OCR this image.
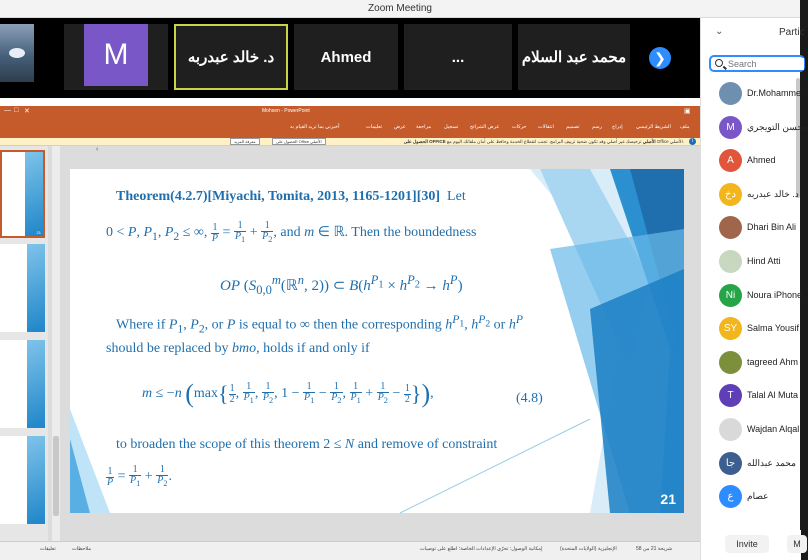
Zoom Meeting
M	د. خالد عبدربه	Ahmed	...	محمد عبد السلام	❯
Mohsen - PowerPoint
— □ ✕	▣
ملف
الشريط الرئيسي
إدراج
رسم
تصميم
انتقالات
حركات
عرض الشرائح
تسجيل
مراجعة
عرض
تعليمات
أخبرني بما تريد القيام به
i
الحصول على OFFICE الأصلي ترخيصك غير أصلي وقد تكون ضحية تزييف البرامج. تجنب انقطاع الخدمة وحافظ على أمان ملفاتك اليوم مع Office الأصلي.
الحصول على Office الأصلي
معرفة المزيد
21
‹
Theorem(4.2.7)[Miyachi, Tomita, 2013, 1165-1201][30] Let
0 < P, $P_1$, $P_2$ ≤ ∞, $\frac{1}{P} = \frac{1}{P_1} + \frac{1}{P_2}$ , and m ∈ ℝ. Then the boundedness
OP ($S_{0,0}^m(ℝ^n$, 2)) ⊂ $B(h^{P_1} \times h^{P_2} \to h^P)$
Where if $P_1$, $P_2$, or P is equal to ∞ then the corresponding $h^{P_1}$, $h^{P_2}$ or $h^P$
should be replaced by bmo, holds if and only if
m ≤ −n ($\max\{ \frac{1}{2}$ , $\frac{1}{P_1}$ , $\frac{1}{P_2}$ , $1 - \frac{1}{P_1} - \frac{1}{P_2}$ , $\frac{1}{P_1} + \frac{1}{P_2} - \frac{1}{2}$ }),	(4.8)
to broaden the scope of this theorem 2 ≤ N and remove of constraint
$\frac{1}{P} = \frac{1}{P_1} + \frac{1}{P_2}$ .
21
شريحة 21 من 58
الإنجليزية (الولايات المتحدة)
إمكانية الوصول: تحرّي الإعدادات الخاصة؛ اطلع على توصيات
ملاحظات
تعليقات
⌄	Partic
Search
Dr.Mohamme
M	محسن التويجري
A	Ahmed
دخ	د. خالد عبدربه
Dhari Bin Ali
Hind Atti
Ni	Noura iPhone
SY	Salma Yousif
tagreed Ahm
T	Talal Al Muta
Wajdan Alqal
جا	محمد عبدالله
ع	عصام
Invite	M
